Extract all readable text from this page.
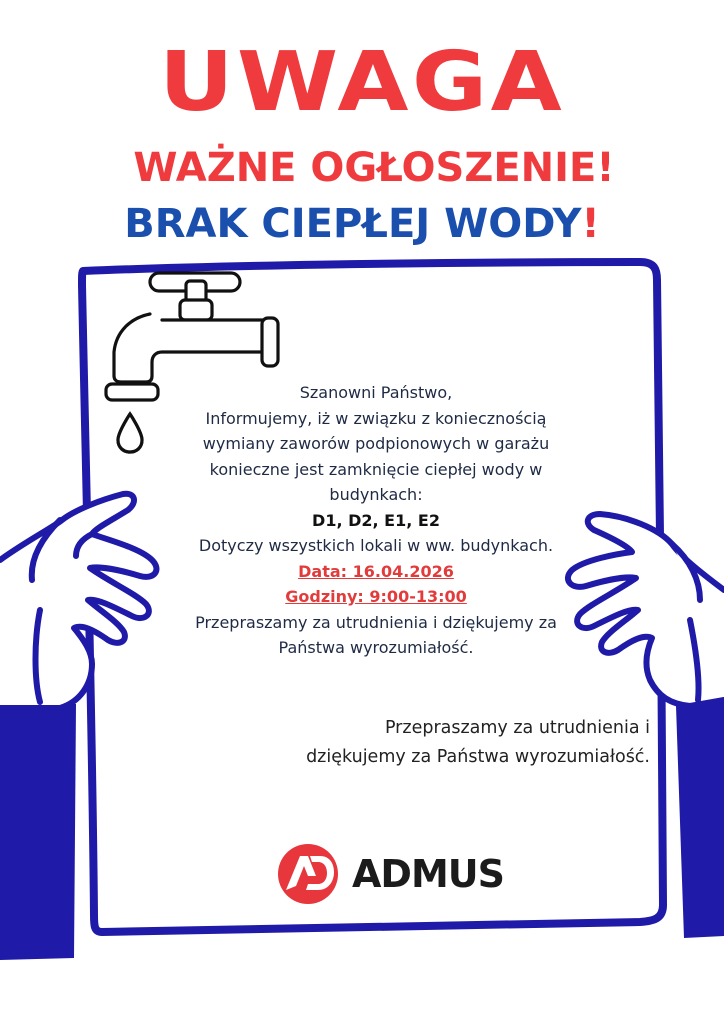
UWAGA
WAŻNE OGŁOSZENIE!
BRAK CIEPŁEJ WODY!
Szanowni Państwo,
Informujemy, iż w związku z koniecznością
wymiany zaworów podpionowych w garażu
konieczne jest zamknięcie ciepłej wody w
budynkach:
D1, D2, E1, E2
Dotyczy wszystkich lokali w ww. budynkach.
Data: 16.04.2026
Godziny: 9:00-13:00
Przepraszamy za utrudnienia i dziękujemy za
Państwa wyrozumiałość.
Przepraszamy za utrudnienia i
dziękujemy za Państwa wyrozumiałość.
ADMUS
